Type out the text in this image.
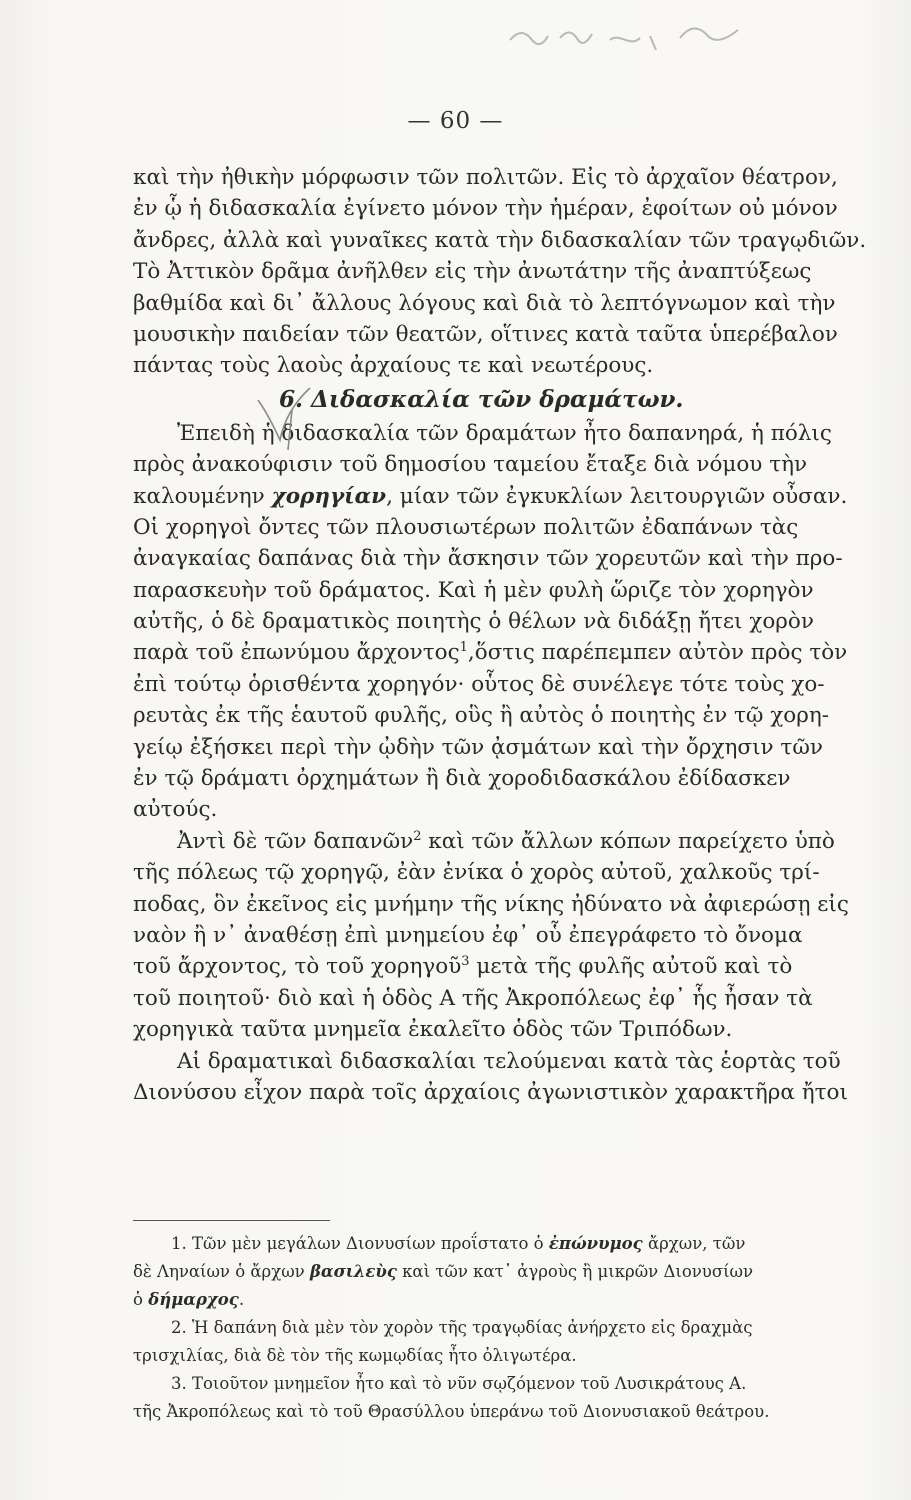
— 60 —
καὶ τὴν ἠθικὴν μόρφωσιν τῶν πολιτῶν. Εἰς τὸ ἀρχαῖον θέατρον,
ἐν ᾧ ἡ διδασκαλία ἐγίνετο μόνον τὴν ἡμέραν, ἐφοίτων οὐ μόνον
ἄνδρες, ἀλλὰ καὶ γυναῖκες κατὰ τὴν διδασκαλίαν τῶν τραγῳδιῶν.
Τὸ Ἀττικὸν δρᾶμα ἀνῆλθεν εἰς τὴν ἀνωτάτην τῆς ἀναπτύξεως
βαθμίδα καὶ δι᾽ ἄλλους λόγους καὶ διὰ τὸ λεπτόγνωμον καὶ τὴν
μουσικὴν παιδείαν τῶν θεατῶν, οἵτινες κατὰ ταῦτα ὑπερέβαλον
πάντας τοὺς λαοὺς ἀρχαίους τε καὶ νεωτέρους.
6. Διδασκαλία τῶν δραμάτων.
Ἐπειδὴ ἡ διδασκαλία τῶν δραμάτων ἦτο δαπανηρά, ἡ πόλις
πρὸς ἀνακούφισιν τοῦ δημοσίου ταμείου ἔταξε διὰ νόμου τὴν
καλουμένην χορηγίαν, μίαν τῶν ἐγκυκλίων λειτουργιῶν οὖσαν.
Οἱ χορηγοὶ ὄντες τῶν πλουσιωτέρων πολιτῶν ἐδαπάνων τὰς
ἀναγκαίας δαπάνας διὰ τὴν ἄσκησιν τῶν χορευτῶν καὶ τὴν προ-
παρασκευὴν τοῦ δράματος. Καὶ ἡ μὲν φυλὴ ὥριζε τὸν χορηγὸν
αὐτῆς, ὁ δὲ δραματικὸς ποιητὴς ὁ θέλων νὰ διδάξῃ ἤτει χορὸν
παρὰ τοῦ ἐπωνύμου ἄρχοντος$^1$,ὅστις παρέπεμπεν αὐτὸν πρὸς τὸν
ἐπὶ τούτῳ ὁρισθέντα χορηγόν· οὗτος δὲ συνέλεγε τότε τοὺς χο-
ρευτὰς ἐκ τῆς ἑαυτοῦ φυλῆς, οὓς ἢ αὐτὸς ὁ ποιητὴς ἐν τῷ χορη-
γείῳ ἐξήσκει περὶ τὴν ᾠδὴν τῶν ᾀσμάτων καὶ τὴν ὄρχησιν τῶν
ἐν τῷ δράματι ὀρχημάτων ἢ διὰ χοροδιδασκάλου ἐδίδασκεν
αὐτούς.
Ἀντὶ δὲ τῶν δαπανῶν$^2$ καὶ τῶν ἄλλων κόπων παρείχετο ὑπὸ
τῆς πόλεως τῷ χορηγῷ, ἐὰν ἐνίκα ὁ χορὸς αὐτοῦ, χαλκοῦς τρί-
ποδας, ὃν ἐκεῖνος εἰς μνήμην τῆς νίκης ἠδύνατο νὰ ἀφιερώσῃ εἰς
ναὸν ἢ ν᾽ ἀναθέσῃ ἐπὶ μνημείου ἐφ᾽ οὗ ἐπεγράφετο τὸ ὄνομα
τοῦ ἄρχοντος, τὸ τοῦ χορηγοῦ$^3$ μετὰ τῆς φυλῆς αὐτοῦ καὶ τὸ
τοῦ ποιητοῦ· διὸ καὶ ἡ ὁδὸς Α τῆς Ἀκροπόλεως ἐφ᾽ ἧς ἦσαν τὰ
χορηγικὰ ταῦτα μνημεῖα ἐκαλεῖτο ὁδὸς τῶν Τριπόδων.
Αἱ δραματικαὶ διδασκαλίαι τελούμεναι κατὰ τὰς ἑορτὰς τοῦ
Διονύσου εἶχον παρὰ τοῖς ἀρχαίοις ἀγωνιστικὸν χαρακτῆρα ἤτοι
1. Τῶν μὲν μεγάλων Διονυσίων προΐστατο ὁ ἐπώνυμος ἄρχων, τῶν
δὲ Ληναίων ὁ ἄρχων βασιλεὺς καὶ τῶν κατ᾽ ἀγροὺς ἢ μικρῶν Διονυσίων
ὁ δήμαρχος.
2. Ἡ δαπάνη διὰ μὲν τὸν χορὸν τῆς τραγῳδίας ἀνήρχετο εἰς δραχμὰς
τρισχιλίας, διὰ δὲ τὸν τῆς κωμῳδίας ἦτο ὀλιγωτέρα.
3. Τοιοῦτον μνημεῖον ἦτο καὶ τὸ νῦν σῳζόμενον τοῦ Λυσικράτους Α.
τῆς Ἀκροπόλεως καὶ τὸ τοῦ Θρασύλλου ὑπεράνω τοῦ Διονυσιακοῦ θεάτρου.
